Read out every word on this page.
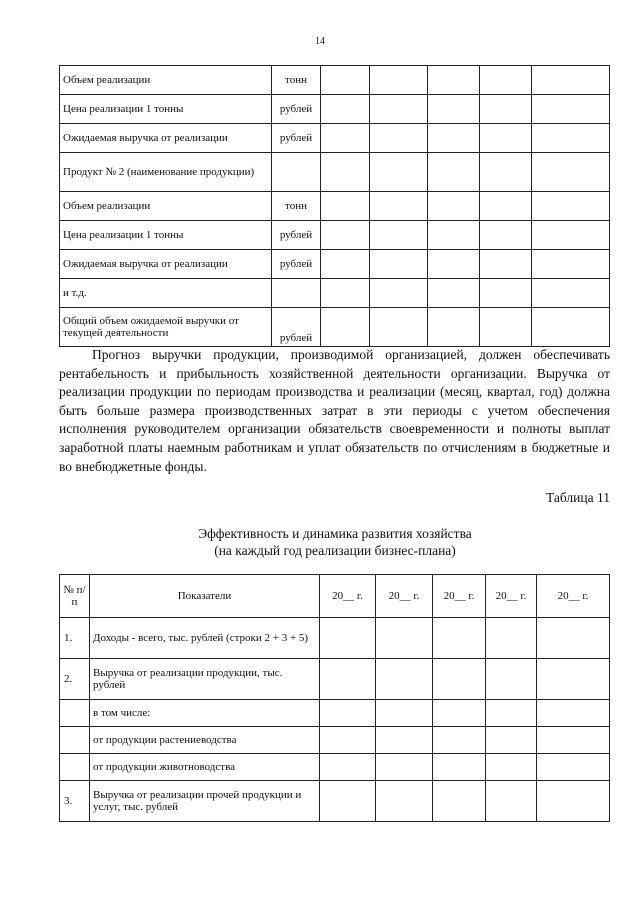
14
Объем реализации	тонн					
Цена реализации 1 тонны	рублей					
Ожидаемая выручка от реализации	рублей					
Продукт № 2 (наименование продукции)						
Объем реализации	тонн					
Цена реализации 1 тонны	рублей					
Ожидаемая выручка от реализации	рублей					
и т.д.						
Общий объем ожидаемой выручки от текущей деятельности	рублей					

Прогноз выручки продукции, производимой организацией, должен обеспечивать рентабельность и прибыльность хозяйственной деятельности организации. Выручка от реализации продукции по периодам производства и реализации (месяц, квартал, год) должна быть больше размера производственных затрат в эти периоды с учетом обеспечения исполнения руководителем организации обязательств своевременности и полноты выплат заработной платы наемным работникам и уплат обязательств по отчислениям в бюджетные и во внебюджетные фонды.

Таблица 11
Эффективность и динамика развития хозяйства
(на каждый год реализации бизнес-плана)
№ п/п	Показатели	20__ г.	20__ г.	20__ г.	20__ г.	20__ г.
1.	Доходы - всего, тыс. рублей (строки 2 + 3 + 5)					
2.	Выручка от реализации продукции, тыс. рублей					
	в том числе:					
	от продукции растениеводства					
	от продукции животноводства					
3.	Выручка от реализации прочей продукции и услуг, тыс. рублей					
